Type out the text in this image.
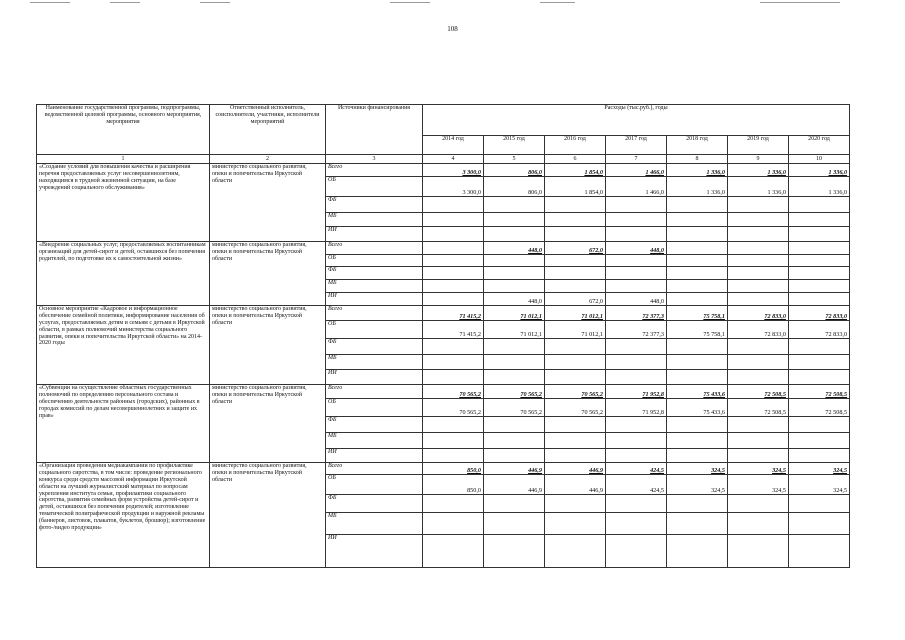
108
Наименование государственной программы, подпрограммы, ведомственной целевой программы, основного мероприятия, мероприятия	Ответственный исполнитель, соисполнители, участники, исполнители мероприятий	Источники финансирования	Расходы (тыс.руб.), годы						
			2014 год	2015 год	2016 год	2017 год	2018 год	2019 год	2020 год
1	2	3	4	5	6	7	8	9	10
«Создание условий для повышения качества и расширения перечня предоставляемых услуг несовершеннолетним, находящимся в трудной жизненной ситуации, на базе учреждений социального обслуживания»	министерство социального развития, опеки и попечительства Иркутской области	Всего	3 300,0	806,0	1 854,0	1 466,0	1 336,0	1 336,0	1 336,0
		ОБ	3 300,0	806,0	1 854,0	1 466,0	1 336,0	1 336,0	1 336,0
		ФБ							
		МБ							
		ИИ							
«Внедрение социальных услуг, предоставляемых воспитанникам организаций для детей-сирот и детей, оставшихся без попечения родителей, по подготовке их к самостоятельной жизни»	министерство социального развития, опеки и попечительства Иркутской области	Всего		448,0	672,0	448,0			
		ОБ							
		ФБ							
		МБ							
		ИИ		448,0	672,0	448,0			
Основное мероприятие «Кадровое и информационное обеспечение семейной политики, информирование населения об услугах, предоставляемых детям и семьям с детьми в Иркутской области, в рамках полномочий министерства социального развития, опеки и попечительства Иркутской области» на 2014-2020 годы	министерство социального развития, опеки и попечительства Иркутской области	Всего	71 415,2	71 012,1	71 012,1	72 377,3	75 758,1	72 833,0	72 833,0
		ОБ	71 415,2	71 012,1	71 012,1	72 377,3	75 758,1	72 833,0	72 833,0
		ФБ							
		МБ							
		ИИ							
«Субвенции на осуществление областных государственных полномочий по определению персонального состава и обеспечению деятельности районных (городских), районных в городах комиссий по делам несовершеннолетних и защите их прав»	министерство социального развития, опеки и попечительства Иркутской области	Всего	70 565,2	70 565,2	70 565,2	71 952,8	75 433,6	72 508,5	72 508,5
		ОБ	70 565,2	70 565,2	70 565,2	71 952,8	75 433,6	72 508,5	72 508,5
		ФБ							
		МБ							
		ИИ							
«Организация проведения медиакампании по профилактике социального сиротства, в том числе: проведение регионального конкурса среди средств массовой информации Иркутской области на лучший журналистский материал по вопросам укрепления института семьи, профилактики социального сиротства, развития семейных форм устройства детей-сирот и детей, оставшихся без попечения родителей; изготовление тематической полиграфической продукции и наружной рекламы (баннеров, листовок, плакатов, буклетов, брошюр); изготовление фото-/видео продукции»	министерство социального развития, опеки и попечительства Иркутской области	Всего	850,0	446,9	446,9	424,5	324,5	324,5	324,5
		ОБ	850,0	446,9	446,9	424,5	324,5	324,5	324,5
		ФБ							
		МБ							
		ИИ							
